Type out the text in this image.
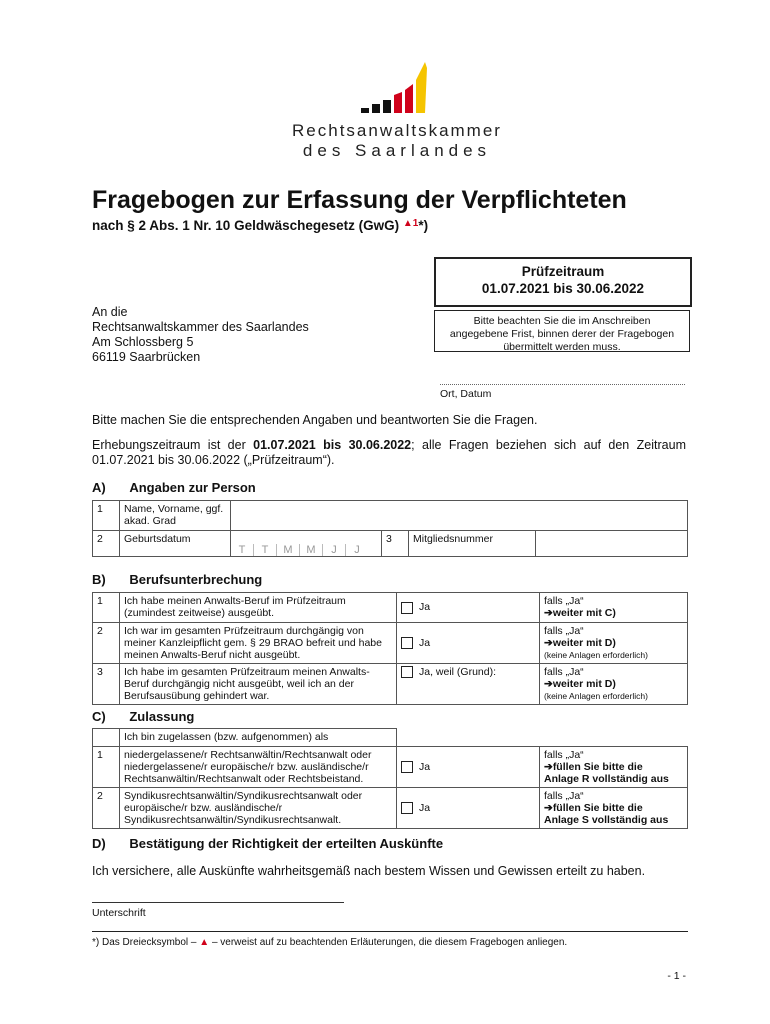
Rechtsanwaltskammer
des Saarlandes
Fragebogen zur Erfassung der Verpflichteten
nach § 2 Abs. 1 Nr. 10 Geldwäschegesetz (GwG) $^{▲1}$*)
Prüfzeitraum
01.07.2021 bis 30.06.2022
Bitte beachten Sie die im Anschreiben angegebene Frist, binnen derer der Fragebogen übermittelt werden muss.
An die
Rechtsanwaltskammer des Saarlandes
Am Schlossberg 5
66119 Saarbrücken
Ort, Datum
Bitte machen Sie die entsprechenden Angaben und beantworten Sie die Fragen.
Erhebungszeitraum ist der 01.07.2021 bis 30.06.2022; alle Fragen beziehen sich auf den Zeitraum 01.07.2021 bis 30.06.2022 („Prüfzeitraum“).
A) Angaben zur Person
1	Name, Vorname, ggf. akad. Grad				
2	Geburtsdatum	T T M M J J	3	Mitgliedsnummer	
B) Berufsunterbrechung
1	Ich habe meinen Anwalts-Beruf im Prüfzeitraum (zumindest zeitweise) ausgeübt.	Ja	falls „Ja“
➔weiter mit C)

2	Ich war im gesamten Prüfzeitraum durchgängig von meiner Kanzleipflicht gem. § 29 BRAO befreit und habe meinen Anwalts-Beruf nicht ausgeübt.	Ja	falls „Ja“
➔weiter mit D)
(keine Anlagen erforderlich)

3	Ich habe im gesamten Prüfzeitraum meinen Anwalts-Beruf durchgängig nicht ausgeübt, weil ich an der Berufsausübung gehindert war.	Ja, weil (Grund):	falls „Ja“
➔weiter mit D)
(keine Anlagen erforderlich)
C) Zulassung
	Ich bin zugelassen (bzw. aufgenommen) als		
1	niedergelassene/r Rechtsanwältin/Rechtsanwalt oder niedergelassene/r europäische/r bzw. ausländische/r Rechtsanwältin/Rechtsanwalt oder Rechtsbeistand.	Ja	falls „Ja“
➔füllen Sie bitte die
Anlage R vollständig aus

2	Syndikusrechtsanwältin/Syndikusrechtsanwalt oder europäische/r bzw. ausländische/r Syndikusrechtsanwältin/Syndikusrechtsanwalt.	Ja	falls „Ja“
➔füllen Sie bitte die
Anlage S vollständig aus
D) Bestätigung der Richtigkeit der erteilten Auskünfte
Ich versichere, alle Auskünfte wahrheitsgemäß nach bestem Wissen und Gewissen erteilt zu haben.
Unterschrift
*) Das Dreiecksymbol – ▲ – verweist auf zu beachtenden Erläuterungen, die diesem Fragebogen anliegen.
- 1 -
